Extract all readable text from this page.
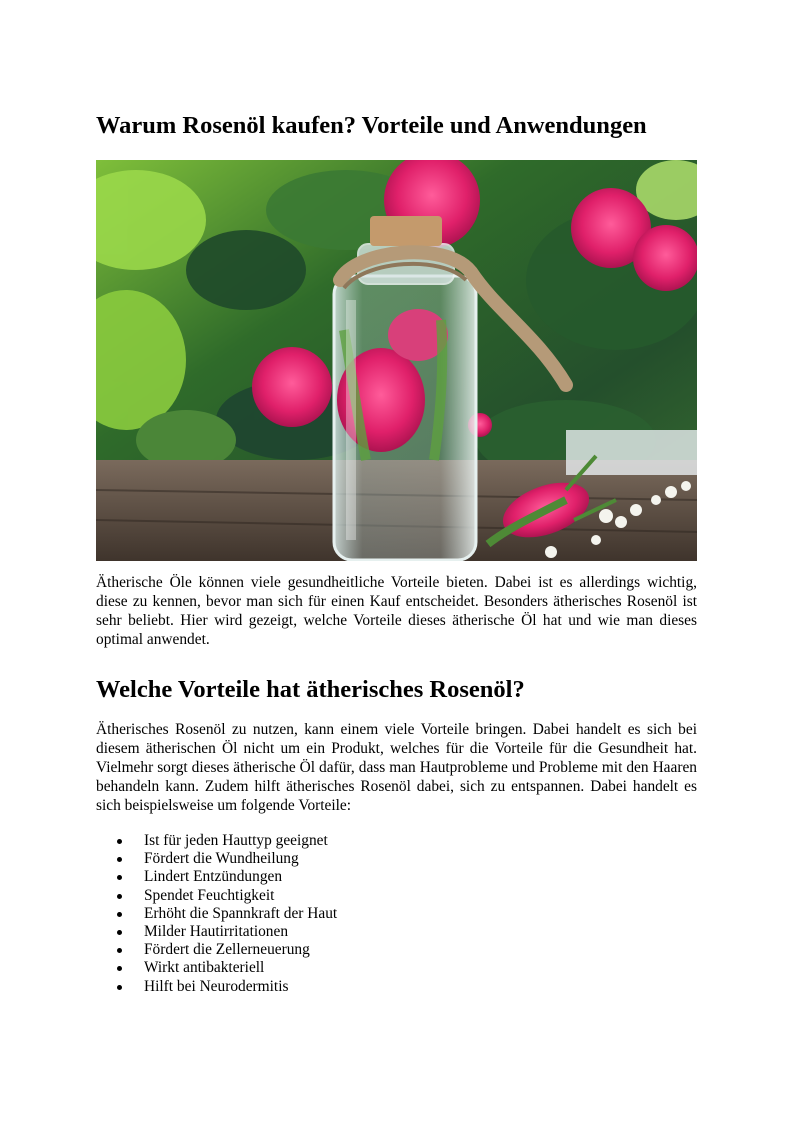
Warum Rosenöl kaufen? Vorteile und Anwendungen

Ätherische Öle können viele gesundheitliche Vorteile bieten. Dabei ist es allerdings wichtig, diese zu kennen, bevor man sich für einen Kauf entscheidet. Besonders ätherisches Rosenöl ist sehr beliebt. Hier wird gezeigt, welche Vorteile dieses ätherische Öl hat und wie man dieses optimal anwendet.

Welche Vorteile hat ätherisches Rosenöl?

Ätherisches Rosenöl zu nutzen, kann einem viele Vorteile bringen. Dabei handelt es sich bei diesem ätherischen Öl nicht um ein Produkt, welches für die Vorteile für die Gesundheit hat. Vielmehr sorgt dieses ätherische Öl dafür, dass man Hautprobleme und Probleme mit den Haaren behandeln kann. Zudem hilft ätherisches Rosenöl dabei, sich zu entspannen. Dabei handelt es sich beispielsweise um folgende Vorteile:

Ist für jeden Hauttyp geeignet
Fördert die Wundheilung
Lindert Entzündungen
Spendet Feuchtigkeit
Erhöht die Spannkraft der Haut
Milder Hautirritationen
Fördert die Zellerneuerung
Wirkt antibakteriell
Hilft bei Neurodermitis
